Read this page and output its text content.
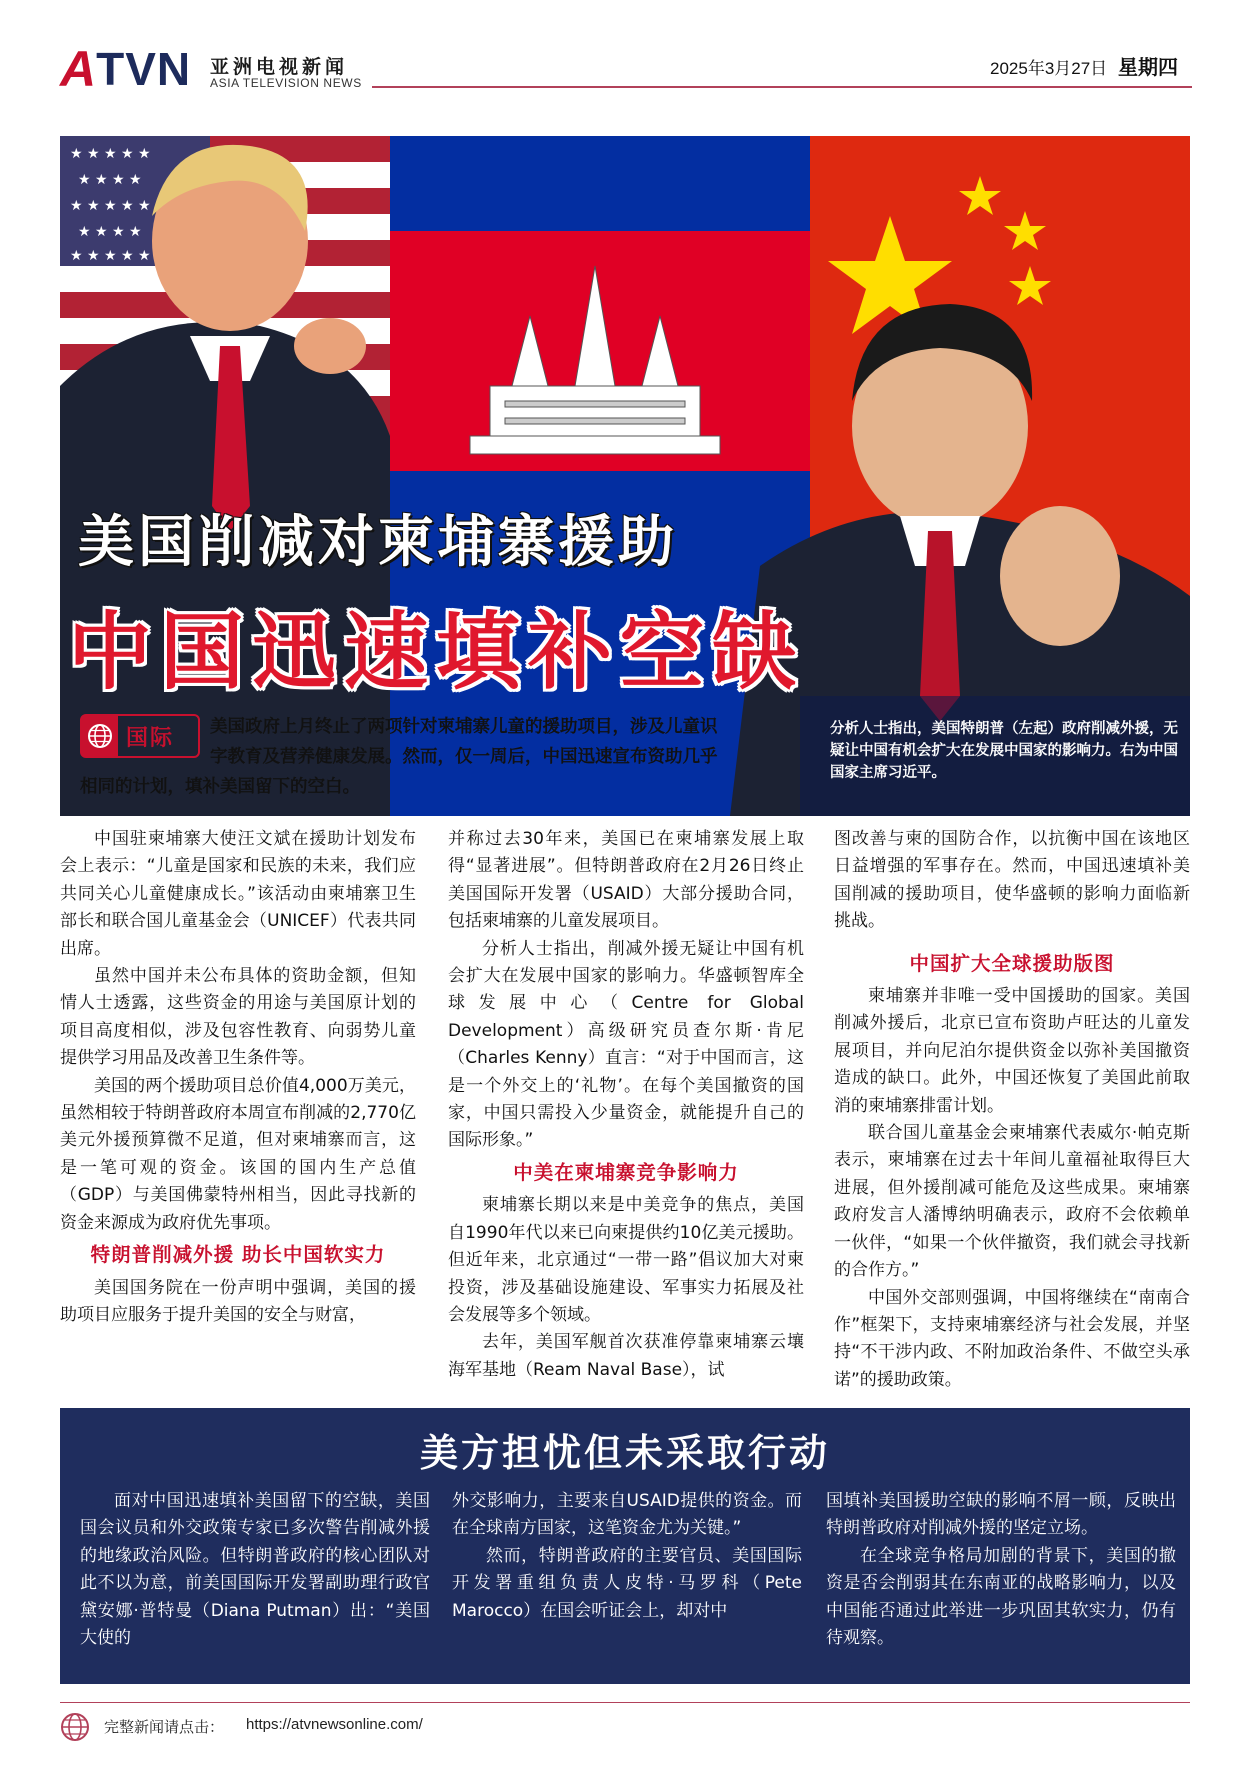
A TVN 亚洲电视新闻
ASIA TELEVISION NEWS
2025年3月27日 星期四
★ ★ ★ ★ ★
★ ★ ★ ★
★ ★ ★ ★ ★
★ ★ ★ ★
★ ★ ★ ★ ★
美国削减对柬埔寨援助
中国迅速填补空缺
分析人士指出，美国特朗普（左起）政府削减外援，无疑让中国有机会扩大在发展中国家的影响力。右为中国国家主席习近平。
美国政府上月终止了两项针对柬埔寨儿童的援助项目，涉及儿童识字教育及营养健康发展。然而，仅一周后，中国迅速宣布资助几乎相同的计划，填补美国留下的空白。
国际

中国驻柬埔寨大使汪文斌在援助计划发布会上表示：“儿童是国家和民族的未来，我们应共同关心儿童健康成长。”该活动由柬埔寨卫生部长和联合国儿童基金会（UNICEF）代表共同出席。

虽然中国并未公布具体的资助金额，但知情人士透露，这些资金的用途与美国原计划的项目高度相似，涉及包容性教育、向弱势儿童提供学习用品及改善卫生条件等。

美国的两个援助项目总价值4,000万美元，虽然相较于特朗普政府本周宣布削减的2,770亿美元外援预算微不足道，但对柬埔寨而言，这是一笔可观的资金。该国的国内生产总值（GDP）与美国佛蒙特州相当，因此寻找新的资金来源成为政府优先事项。

特朗普削减外援 助长中国软实力

美国国务院在一份声明中强调，美国的援助项目应服务于提升美国的安全与财富，

并称过去30年来，美国已在柬埔寨发展上取得“显著进展”。但特朗普政府在2月26日终止美国国际开发署（USAID）大部分援助合同，包括柬埔寨的儿童发展项目。

分析人士指出，削减外援无疑让中国有机会扩大在发展中国家的影响力。华盛顿智库全球发展中心（Centre for Global Development）高级研究员查尔斯·肯尼（Charles Kenny）直言：“对于中国而言，这是一个外交上的‘礼物’。在每个美国撤资的国家，中国只需投入少量资金，就能提升自己的国际形象。”

中美在柬埔寨竞争影响力

柬埔寨长期以来是中美竞争的焦点，美国自1990年代以来已向柬提供约10亿美元援助。但近年来，北京通过“一带一路”倡议加大对柬投资，涉及基础设施建设、军事实力拓展及社会发展等多个领域。

去年，美国军舰首次获准停靠柬埔寨云壤海军基地（Ream Naval Base），试

图改善与柬的国防合作，以抗衡中国在该地区日益增强的军事存在。然而，中国迅速填补美国削减的援助项目，使华盛顿的影响力面临新挑战。

中国扩大全球援助版图

柬埔寨并非唯一受中国援助的国家。美国削减外援后，北京已宣布资助卢旺达的儿童发展项目，并向尼泊尔提供资金以弥补美国撤资造成的缺口。此外，中国还恢复了美国此前取消的柬埔寨排雷计划。

联合国儿童基金会柬埔寨代表威尔·帕克斯表示，柬埔寨在过去十年间儿童福祉取得巨大进展，但外援削减可能危及这些成果。柬埔寨政府发言人潘博纳明确表示，政府不会依赖单一伙伴，“如果一个伙伴撤资，我们就会寻找新的合作方。”

中国外交部则强调，中国将继续在“南南合作”框架下，支持柬埔寨经济与社会发展，并坚持“不干涉内政、不附加政治条件、不做空头承诺”的援助政策。

美方担忧但未采取行动

面对中国迅速填补美国留下的空缺，美国国会议员和外交政策专家已多次警告削减外援的地缘政治风险。但特朗普政府的核心团队对此不以为意，前美国国际开发署副助理行政官黛安娜·普特曼（Diana Putman）出：“美国大使的

外交影响力，主要来自USAID提供的资金。而在全球南方国家，这笔资金尤为关键。”

然而，特朗普政府的主要官员、美国国际开发署重组负责人皮特·马罗科（Pete Marocco）在国会听证会上，却对中

国填补美国援助空缺的影响不屑一顾，反映出特朗普政府对削减外援的坚定立场。

在全球竞争格局加剧的背景下，美国的撤资是否会削弱其在东南亚的战略影响力，以及中国能否通过此举进一步巩固其软实力，仍有待观察。

完整新闻请点击： https://atvnewsonline.com/
